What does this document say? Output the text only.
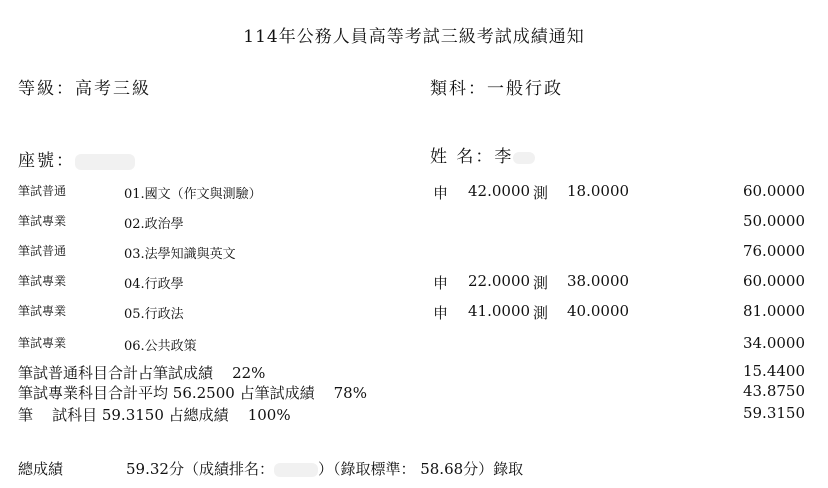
114年公務人員高等考試三級考試成績通知
等級：高考三級	類科：一般行政
座號：	姓 名：李
筆試普通	01.國文（作文與測驗）	申 42.0000 測 18.0000	60.0000
筆試專業	02.政治學	50.0000
筆試普通	03.法學知識與英文	76.0000
筆試專業	04.行政學	申 22.0000 測 38.0000	60.0000
筆試專業	05.行政法	申 41.0000 測 40.0000	81.0000
筆試專業	06.公共政策	34.0000
筆試普通科目合計占筆試成績    22%	15.4400
筆試專業科目合計平均 56.2500 占筆試成績    78%	43.8750
筆    試科目 59.3150 占總成績    100%	59.3150
總成績	59.32分（成績排名：	）（錄取標準： 58.68分）錄取
